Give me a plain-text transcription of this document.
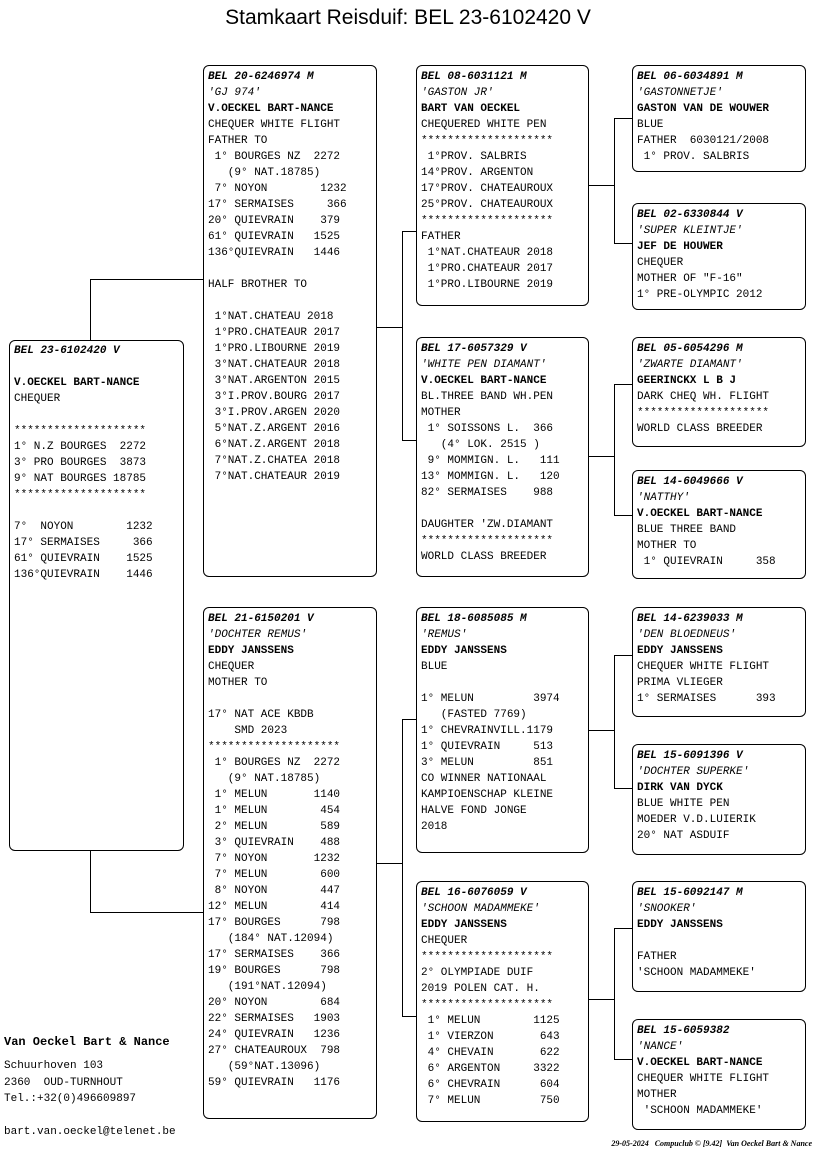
Stamkaart Reisduif: BEL 23-6102420 V
BEL 23-6102420 V
V.OECKEL BART-NANCE
CHEQUER
********************
1° N.Z BOURGES  2272
3° PRO BOURGES  3873
9° NAT BOURGES 18785
********************
7°  NOYON        1232
17° SERMAISES     366
61° QUIEVRAIN    1525
136°QUIEVRAIN    1446
BEL 20-6246974 M
'GJ 974'
V.OECKEL BART-NANCE
CHEQUER WHITE FLIGHT
FATHER TO
1° BOURGES NZ  2272
(9° NAT.18785)
7° NOYON        1232
17° SERMAISES     366
20° QUIEVRAIN    379
61° QUIEVRAIN   1525
136°QUIEVRAIN   1446
HALF BROTHER TO
1°NAT.CHATEAU 2018
1°PRO.CHATEAUR 2017
1°PRO.LIBOURNE 2019
3°NAT.CHATEAUR 2018
3°NAT.ARGENTON 2015
3°I.PROV.BOURG 2017
3°I.PROV.ARGEN 2020
5°NAT.Z.ARGENT 2016
6°NAT.Z.ARGENT 2018
7°NAT.Z.CHATEA 2018
7°NAT.CHATEAUR 2019
BEL 21-6150201 V
'DOCHTER REMUS'
EDDY JANSSENS
CHEQUER
MOTHER TO
17° NAT ACE KBDB
SMD 2023
********************
1° BOURGES NZ  2272
(9° NAT.18785)
1° MELUN       1140
1° MELUN        454
2° MELUN        589
3° QUIEVRAIN    488
7° NOYON       1232
7° MELUN        600
8° NOYON        447
12° MELUN        414
17° BOURGES      798
(184° NAT.12094)
17° SERMAISES    366
19° BOURGES      798
(191°NAT.12094)
20° NOYON        684
22° SERMAISES   1903
24° QUIEVRAIN   1236
27° CHATEAUROUX  798
(59°NAT.13096)
59° QUIEVRAIN   1176
BEL 08-6031121 M
'GASTON JR'
BART VAN OECKEL
CHEQUERED WHITE PEN
********************
1°PROV. SALBRIS
14°PROV. ARGENTON
17°PROV. CHATEAUROUX
25°PROV. CHATEAUROUX
********************
FATHER
1°NAT.CHATEAUR 2018
1°PRO.CHATEAUR 2017
1°PRO.LIBOURNE 2019
BEL 17-6057329 V
'WHITE PEN DIAMANT'
V.OECKEL BART-NANCE
BL.THREE BAND WH.PEN
MOTHER
1° SOISSONS L.  366
(4° LOK. 2515 )
9° MOMMIGN. L.   111
13° MOMMIGN. L.   120
82° SERMAISES    988
DAUGHTER 'ZW.DIAMANT
********************
WORLD CLASS BREEDER
BEL 18-6085085 M
'REMUS'
EDDY JANSSENS
BLUE
1° MELUN         3974
(FASTED 7769)
1° CHEVRAINVILL.1179
1° QUIEVRAIN     513
3° MELUN         851
CO WINNER NATIONAAL
KAMPIOENSCHAP KLEINE
HALVE FOND JONGE
2018
BEL 16-6076059 V
'SCHOON MADAMMEKE'
EDDY JANSSENS
CHEQUER
********************
2° OLYMPIADE DUIF
2019 POLEN CAT. H.
********************
1° MELUN        1125
1° VIERZON       643
4° CHEVAIN       622
6° ARGENTON     3322
6° CHEVRAIN      604
7° MELUN         750
BEL 06-6034891 M
'GASTONNETJE'
GASTON VAN DE WOUWER
BLUE
FATHER  6030121/2008
1° PROV. SALBRIS
BEL 02-6330844 V
'SUPER KLEINTJE'
JEF DE HOUWER
CHEQUER
MOTHER OF "F-16"
1° PRE-OLYMPIC 2012
BEL 05-6054296 M
'ZWARTE DIAMANT'
GEERINCKX L B J
DARK CHEQ WH. FLIGHT
********************
WORLD CLASS BREEDER
BEL 14-6049666 V
'NATTHY'
V.OECKEL BART-NANCE
BLUE THREE BAND
MOTHER TO
1° QUIEVRAIN     358
BEL 14-6239033 M
'DEN BLOEDNEUS'
EDDY JANSSENS
CHEQUER WHITE FLIGHT
PRIMA VLIEGER
1° SERMAISES      393
BEL 15-6091396 V
'DOCHTER SUPERKE'
DIRK VAN DYCK
BLUE WHITE PEN
MOEDER V.D.LUIERIK
20° NAT ASDUIF
BEL 15-6092147 M
'SNOOKER'
EDDY JANSSENS
FATHER
'SCHOON MADAMMEKE'
BEL 15-6059382
'NANCE'
V.OECKEL BART-NANCE
CHEQUER WHITE FLIGHT
MOTHER
'SCHOON MADAMMEKE'
Van Oeckel Bart & Nance
Schuurhoven 103
2360  OUD-TURNHOUT
Tel.:+32(0)496609897
bart.van.oeckel@telenet.be
29-05-2024   Compuclub © [9.42]  Van Oeckel Bart & Nance
